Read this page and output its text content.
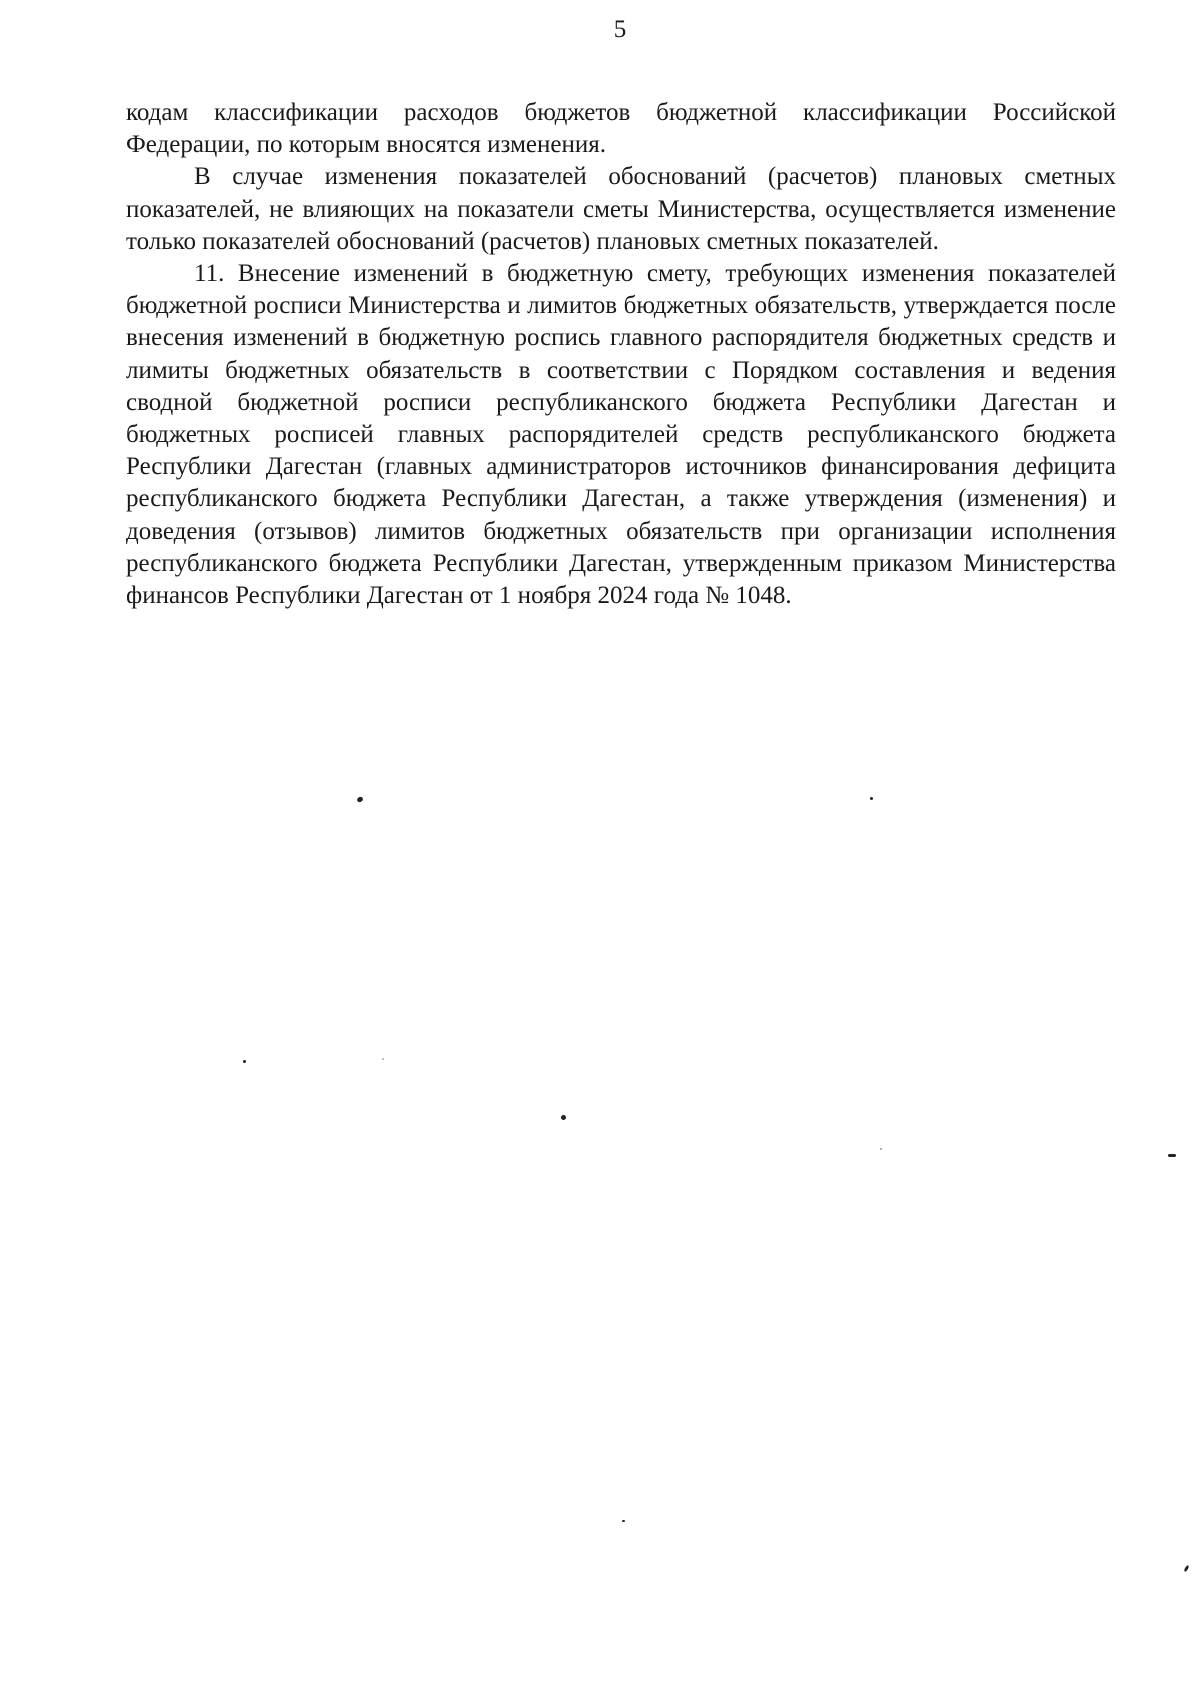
5

кодам классификации расходов бюджетов бюджетной классификации Российской Федерации, по которым вносятся изменения.

В случае изменения показателей обоснований (расчетов) плановых сметных показателей, не влияющих на показатели сметы Министерства, осуществляется изменение только показателей обоснований (расчетов) плановых сметных показателей.

11. Внесение изменений в бюджетную смету, требующих изменения показателей бюджетной росписи Министерства и лимитов бюджетных обязательств, утверждается после внесения изменений в бюджетную роспись главного распорядителя бюджетных средств и лимиты бюджетных обязательств в соответствии с Порядком составления и ведения сводной бюджетной росписи республиканского бюджета Республики Дагестан и бюджетных росписей главных распорядителей средств республиканского бюджета Республики Дагестан (главных администраторов источников финансирования дефицита республиканского бюджета Республики Дагестан, а также утверждения (изменения) и доведения (отзывов) лимитов бюджетных обязательств при организации исполнения республиканского бюджета Республики Дагестан, утвержденным приказом Министерства финансов Республики Дагестан от 1 ноября 2024 года № 1048.
